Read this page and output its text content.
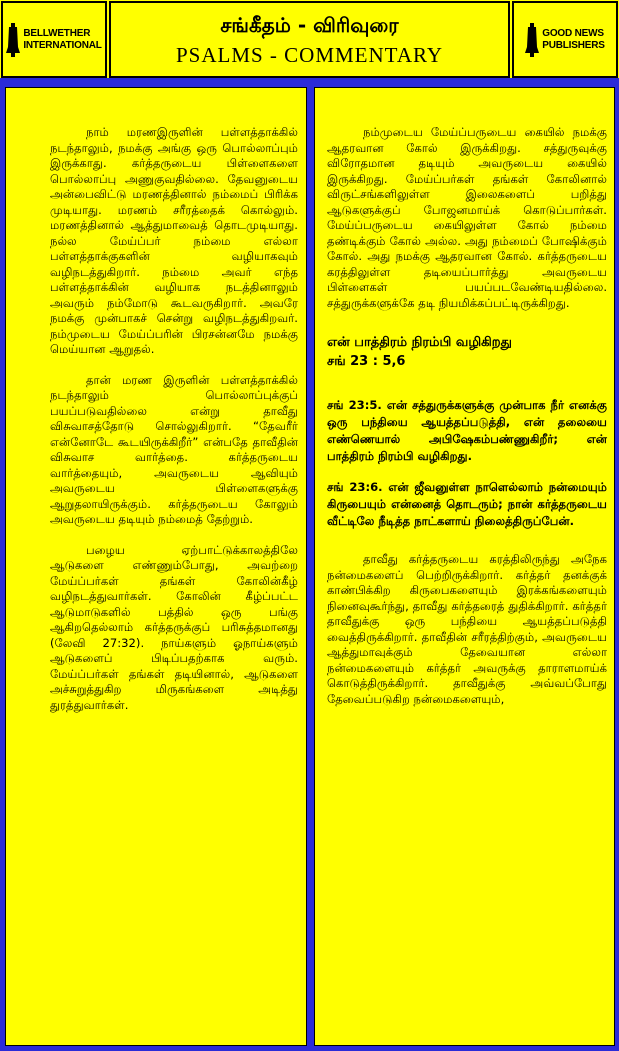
BELLWETHER
INTERNATIONAL
சங்கீதம் - விரிவுரை
PSALMS - COMMENTARY
GOOD NEWS
PUBLISHERS

நாம் மரணஇருளின் பள்ளத்தாக்கில் நடந்தாலும், நமக்கு அங்கு ஒரு பொல்லாப்பும் இருக்காது. கர்த்தருடைய பிள்ளைகளை பொல்லாப்பு அணுகுவதில்லை. தேவனுடைய அன்பைவிட்டு மரணத்தினால் நம்மைப் பிரிக்க முடியாது. மரணம் சரீரத்தைக் கொல்லும். மரணத்தினால் ஆத்துமாவைத் தொடமுடியாது. நல்ல மேய்ப்பர் நம்மை எல்லா பள்ளத்தாக்குகளின் வழியாகவும் வழிநடத்துகிறார். நம்மை அவர் எந்த பள்ளத்தாக்கின் வழியாக நடத்தினாலும் அவரும் நம்மோடு கூடவருகிறார். அவரே நமக்கு முன்பாகச் சென்று வழிநடத்துகிறவர். நம்முடைய மேய்ப்பரின் பிரசன்னமே நமக்கு மெய்யான ஆறுதல்.

தான் மரண இருளின் பள்ளத்தாக்கில் நடந்தாலும் பொல்லாப்புக்குப் பயப்படுவதில்லை என்று தாவீது விசுவாசத்தோடு சொல்லுகிறார். “தேவரீர் என்னோடே கூடயிருக்கிறீர்” என்பதே தாவீதின் விசுவாச வார்த்தை. கர்த்தருடைய வார்த்தையும், அவருடைய ஆவியும் அவருடைய பிள்ளைகளுக்கு ஆறுதலாயிருக்கும். கர்த்தருடைய கோலும் அவருடைய தடியும் நம்மைத் தேற்றும்.

பழைய ஏற்பாட்டுக்காலத்திலே ஆடுகளை எண்ணும்போது, அவற்றை மேய்ப்பர்கள் தங்கள் கோலின்கீழ் வழிநடத்துவார்கள். கோலின் கீழ்ப்பட்ட ஆடுமாடுகளில் பத்தில் ஒரு பங்கு ஆகிறதெல்லாம் கர்த்தருக்குப் பரிசுத்தமானது (லேவி 27:32). நாய்களும் ஓநாய்களும் ஆடுகளைப் பிடிப்பதற்காக வரும். மேய்ப்பர்கள் தங்கள் தடியினால், ஆடுகளை அச்சுறுத்துகிற மிருகங்களை அடித்து துரத்துவார்கள்.

நம்முடைய மேய்ப்பருடைய கையில் நமக்கு ஆதரவான கோல் இருக்கிறது. சத்துருவுக்கு விரோதமான தடியும் அவருடைய கையில் இருக்கிறது. மேய்ப்பர்கள் தங்கள் கோலினால் விருட்சங்களிலுள்ள இலைகளைப் பறித்து ஆடுகளுக்குப் போஜனமாய்க் கொடுப்பார்கள். மேய்ப்பருடைய கையிலுள்ள கோல் நம்மை தண்டிக்கும் கோல் அல்ல. அது நம்மைப் போஷிக்கும் கோல். அது நமக்கு ஆதரவான கோல். கர்த்தருடைய கரத்திலுள்ள தடியைப்பார்த்து அவருடைய பிள்ளைகள் பயப்படவேண்டியதில்லை. சத்துருக்களுக்கே தடி நியமிக்கப்பட்டிருக்கிறது.

என் பாத்திரம் நிரம்பி வழிகிறது
சங் 23 : 5,6

சங் 23:5. என் சத்துருக்களுக்கு முன்பாக நீர் எனக்கு ஒரு பந்தியை ஆயத்தப்படுத்தி, என் தலையை எண்ணெயால் அபிஷேகம்பண்ணுகிறீர்; என் பாத்திரம் நிரம்பி வழிகிறது.

சங் 23:6. என் ஜீவனுள்ள நாளெல்லாம் நன்மையும் கிருபையும் என்னைத் தொடரும்; நான் கர்த்தருடைய வீட்டிலே நீடித்த நாட்களாய் நிலைத்திருப்பேன்.

தாவீது கர்த்தருடைய கரத்திலிருந்து அநேக நன்மைகளைப் பெற்றிருக்கிறார். கர்த்தர் தனக்குக் காண்பிக்கிற கிருபைகளையும் இரக்கங்களையும் நினைவுகூர்ந்து, தாவீது கர்த்தரைத் துதிக்கிறார். கர்த்தர் தாவீதுக்கு ஒரு பந்தியை ஆயத்தப்படுத்தி வைத்திருக்கிறார். தாவீதின் சரீரத்திற்கும், அவருடைய ஆத்துமாவுக்கும் தேவையான எல்லா நன்மைகளையும் கர்த்தர் அவருக்கு தாராளமாய்க் கொடுத்திருக்கிறார். தாவீதுக்கு அவ்வப்போது தேவைப்படுகிற நன்மைகளையும்,
